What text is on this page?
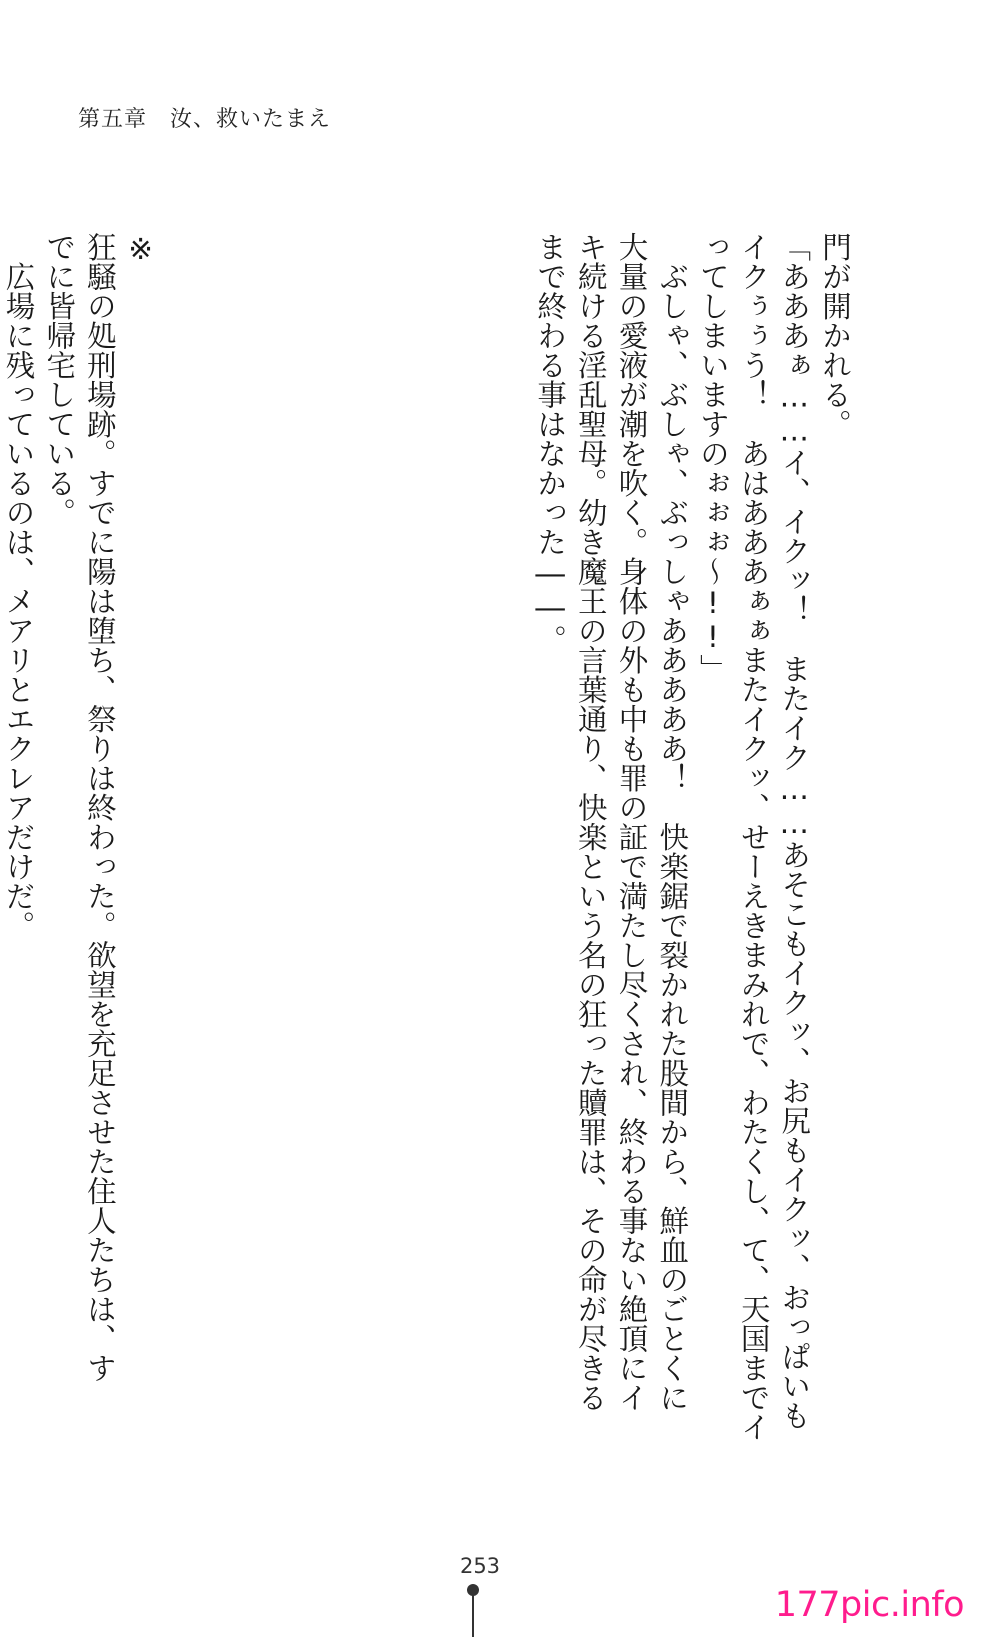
第五章　汝、救いたまえ

門が開かれる。

「あああぁ……イ、イクッ！　またイク……あそこもイクッ、お尻もイクッ、おっぱいも

イクぅぅう！　あはあああぁぁまたイクッ、せーえきまみれで、わたくし、て、天国までイ

ってしまいますのぉぉぉ～!!」

　ぶしゃ、ぶしゃ、ぶっしゃあああああ！　快楽鋸で裂かれた股間から、鮮血のごとくに

大量の愛液が潮を吹く。身体の外も中も罪の証で満たし尽くされ、終わる事ない絶頂にイ

キ続ける淫乱聖母。幼き魔王の言葉通り、快楽という名の狂った贖罪は、その命が尽きる

まで終わる事はなかった――。

※

狂騒の処刑場跡。すでに陽は堕ち、祭りは終わった。欲望を充足させた住人たちは、す

でに皆帰宅している。

　広場に残っているのは、メアリとエクレアだけだ。

253
177pic.info
